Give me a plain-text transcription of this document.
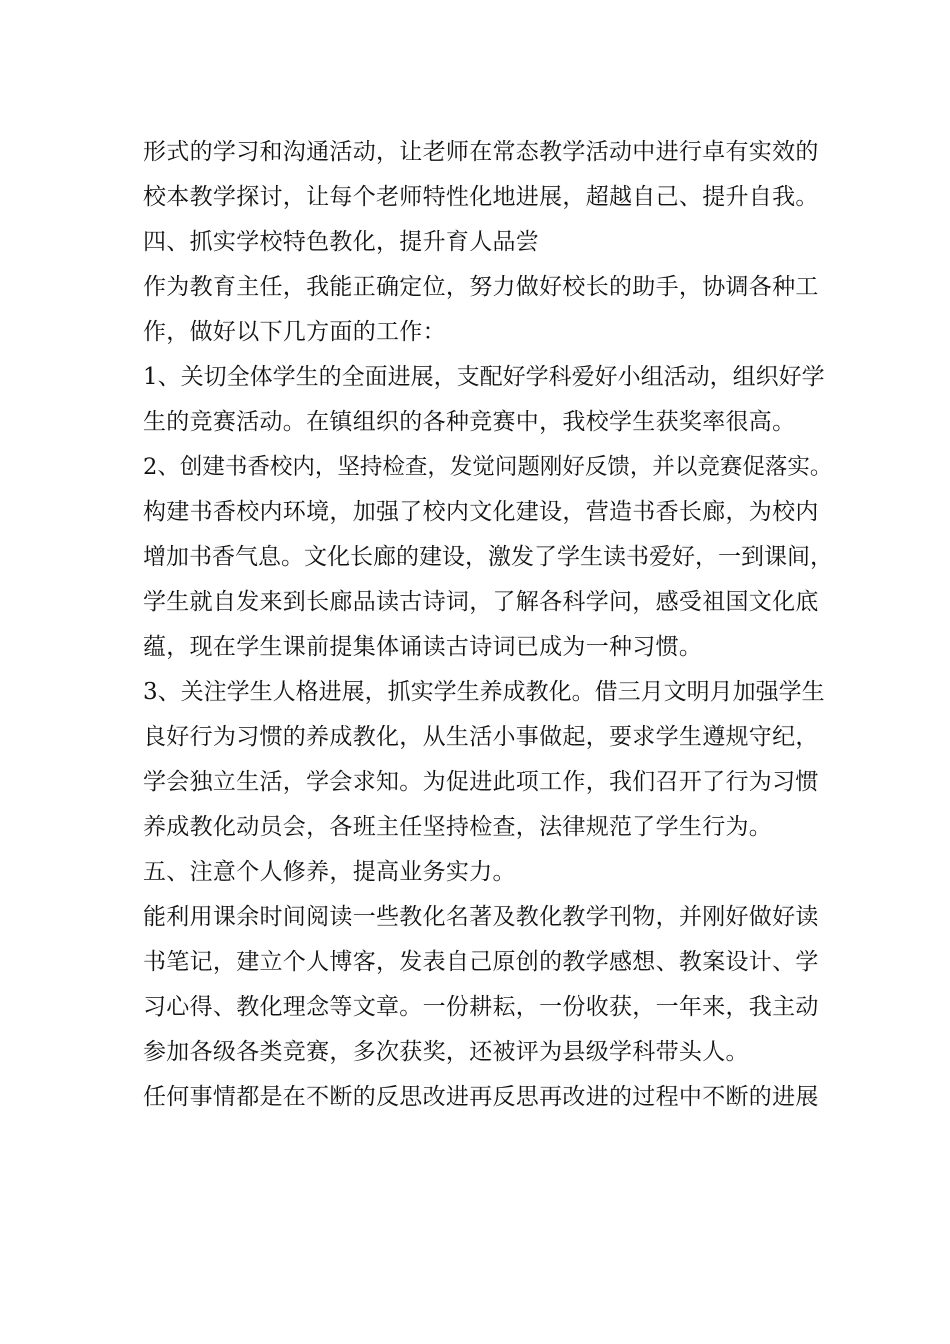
形式的学习和沟通活动，让老师在常态教学活动中进行卓有实效的
校本教学探讨，让每个老师特性化地进展，超越自己、提升自我。
四、抓实学校特色教化，提升育人品尝
作为教育主任，我能正确定位，努力做好校长的助手，协调各种工
作，做好以下几方面的工作：
1、关切全体学生的全面进展，支配好学科爱好小组活动，组织好学
生的竞赛活动。在镇组织的各种竞赛中，我校学生获奖率很高。
2、创建书香校内，坚持检查，发觉问题刚好反馈，并以竞赛促落实。
构建书香校内环境，加强了校内文化建设，营造书香长廊，为校内
增加书香气息。文化长廊的建设，激发了学生读书爱好，一到课间，
学生就自发来到长廊品读古诗词，了解各科学问，感受祖国文化底
蕴，现在学生课前提集体诵读古诗词已成为一种习惯。
3、关注学生人格进展，抓实学生养成教化。借三月文明月加强学生
良好行为习惯的养成教化，从生活小事做起，要求学生遵规守纪，
学会独立生活，学会求知。为促进此项工作，我们召开了行为习惯
养成教化动员会，各班主任坚持检查，法律规范了学生行为。
五、注意个人修养，提高业务实力。
能利用课余时间阅读一些教化名著及教化教学刊物，并刚好做好读
书笔记，建立个人博客，发表自己原创的教学感想、教案设计、学
习心得、教化理念等文章。一份耕耘，一份收获，一年来，我主动
参加各级各类竞赛，多次获奖，还被评为县级学科带头人。
任何事情都是在不断的反思改进再反思再改进的过程中不断的进展
